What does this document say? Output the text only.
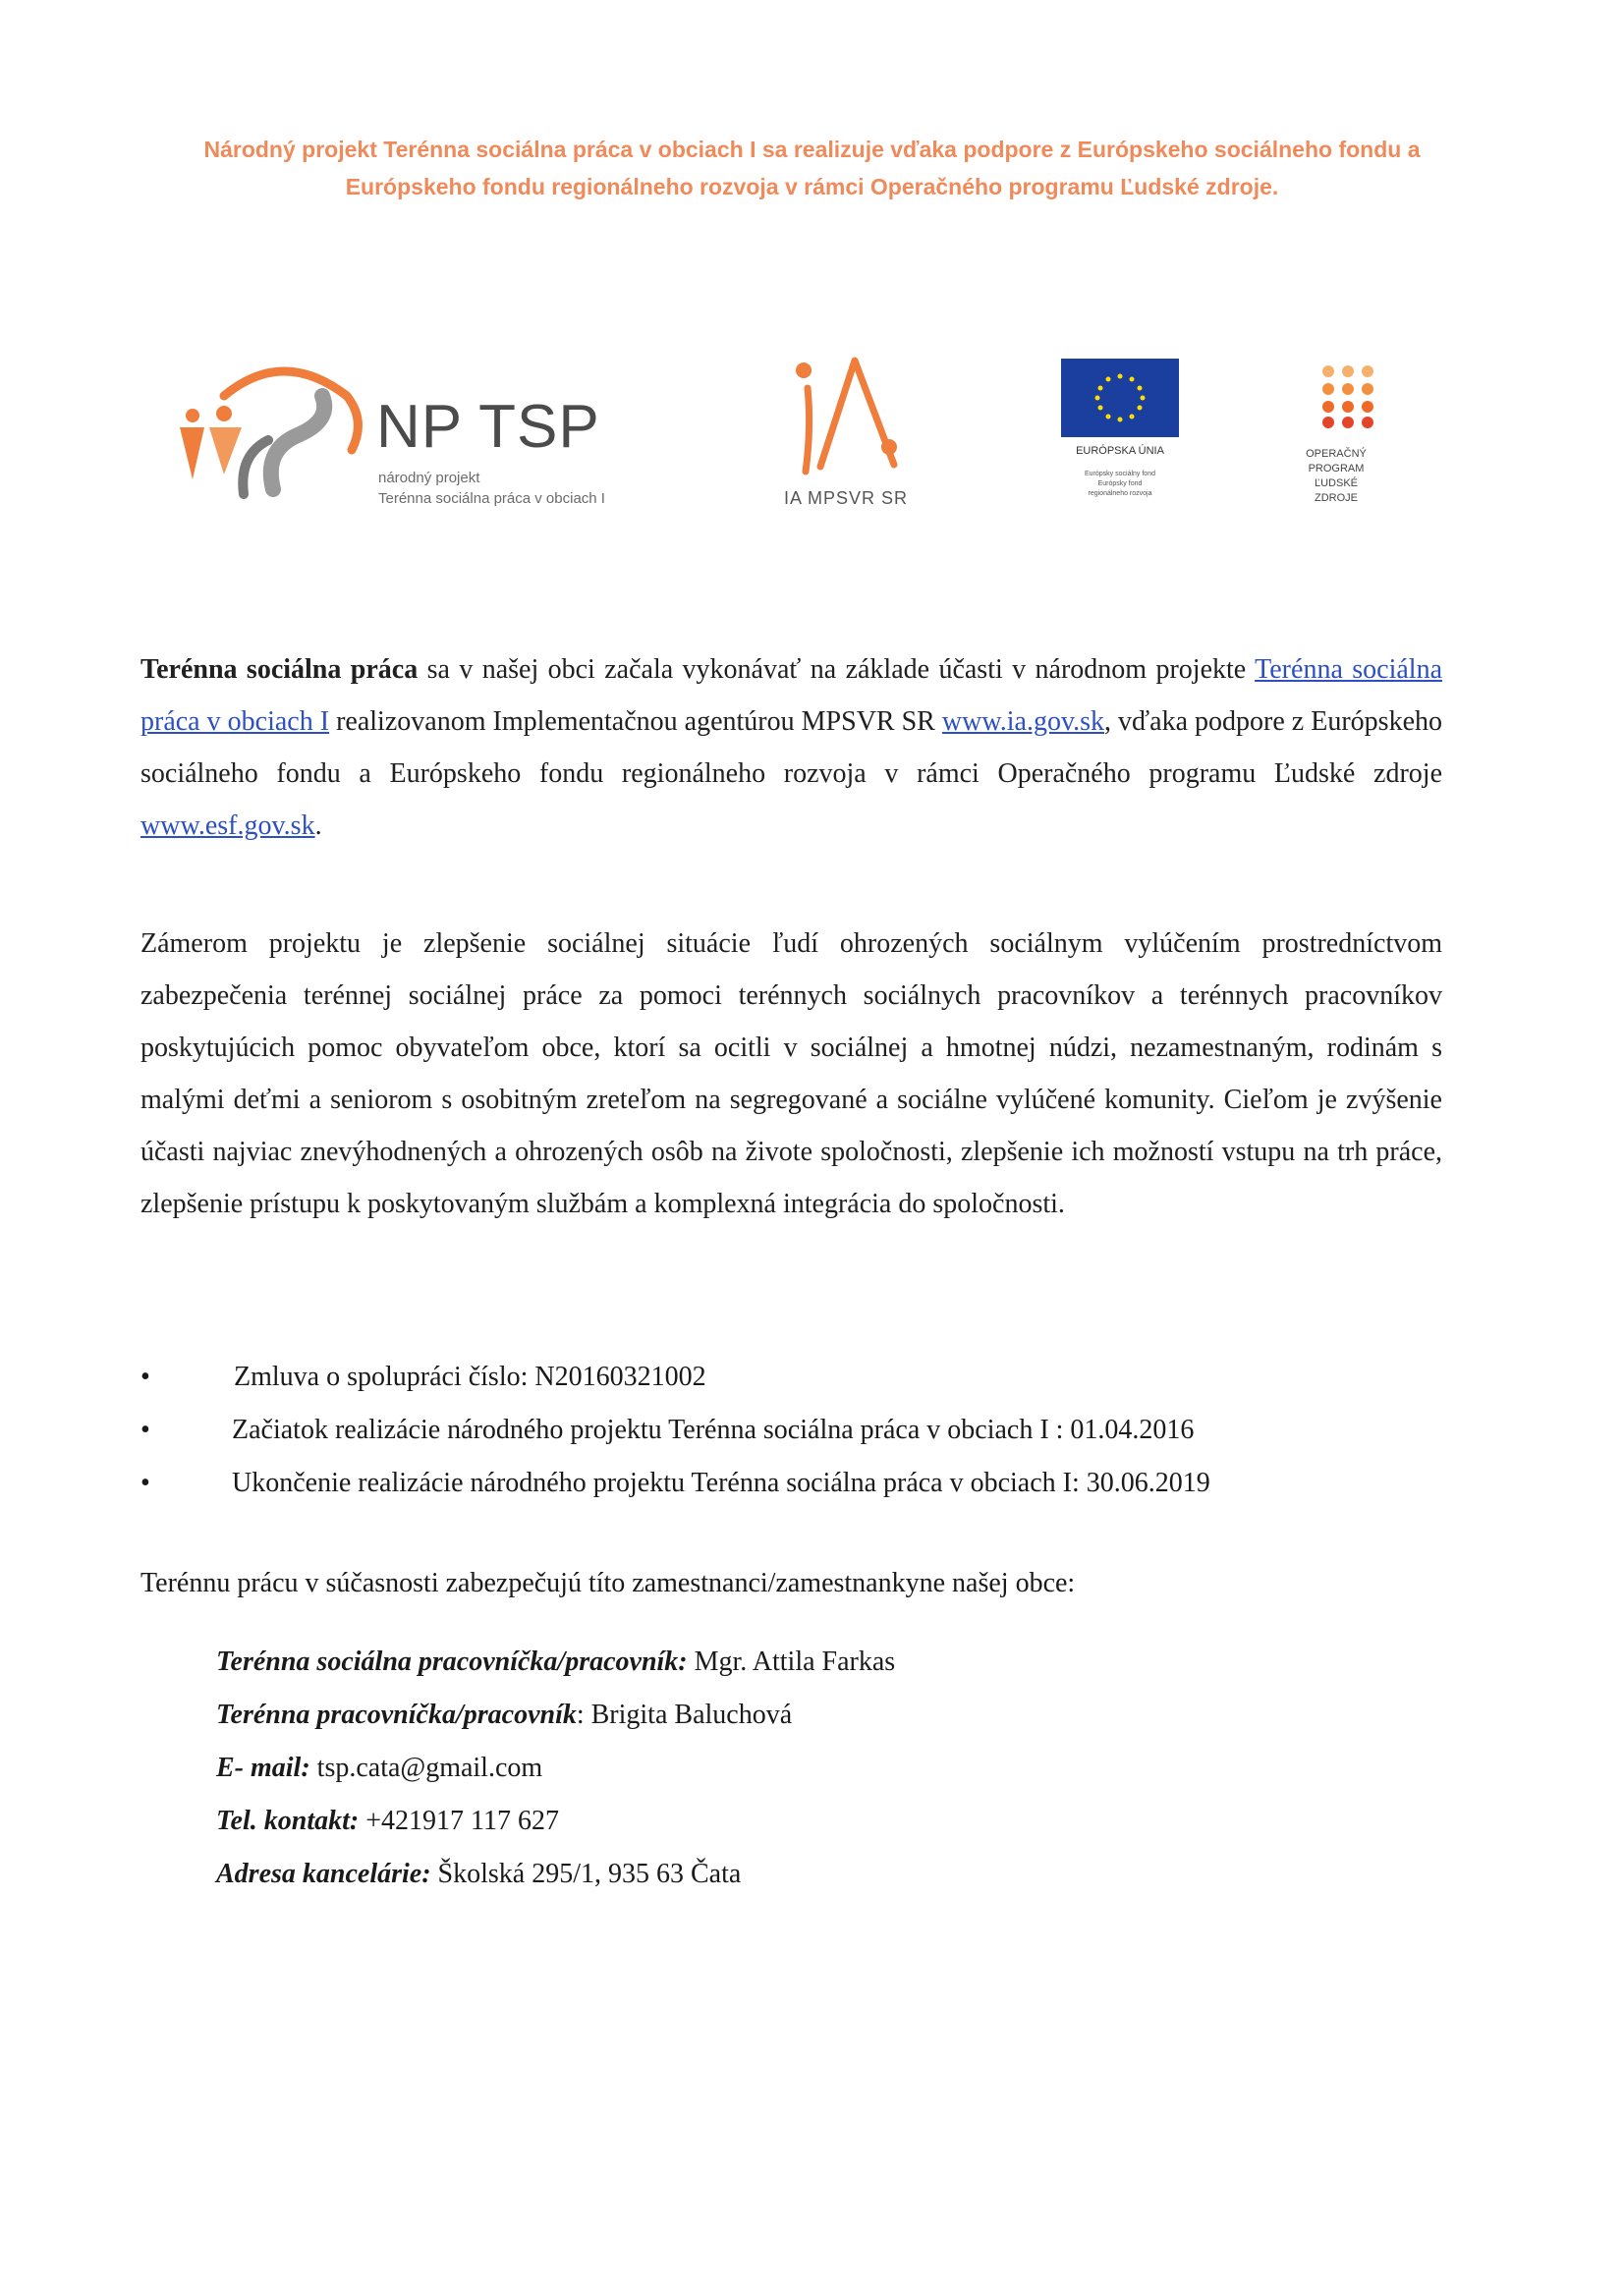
Národný projekt Terénna sociálna práca v obciach I sa realizuje vďaka podpore z Európskeho sociálneho fondu a Európskeho fondu regionálneho rozvoja v rámci Operačného programu Ľudské zdroje.
NP TSP
národný projekt
Terénna sociálna práca v obciach I	IA MPSVR SR
EURÓPSKA ÚNIA
Európsky sociálny fond
Európsky fond
regionálneho rozvoja
OPERAČNÝ
PROGRAM
ĽUDSKÉ
ZDROJE
Terénna sociálna práca sa v našej obci začala vykonávať na základe účasti v národnom projekte Terénna sociálna práca v obciach I realizovanom Implementačnou agentúrou MPSVR SR www.ia.gov.sk, vďaka podpore z Európskeho sociálneho fondu a Európskeho fondu regionálneho rozvoja v rámci Operačného programu Ľudské zdroje www.esf.gov.sk.
Zámerom projektu je zlepšenie sociálnej situácie ľudí ohrozených sociálnym vylúčením prostredníctvom zabezpečenia terénnej sociálnej práce za pomoci terénnych sociálnych pracovníkov a terénnych pracovníkov poskytujúcich pomoc obyvateľom obce, ktorí sa ocitli v sociálnej a hmotnej núdzi, nezamestnaným, rodinám s malými deťmi a seniorom s osobitným zreteľom na segregované a sociálne vylúčené komunity. Cieľom je zvýšenie účasti najviac znevýhodnených a ohrozených osôb na živote spoločnosti, zlepšenie ich možností vstupu na trh práce, zlepšenie prístupu k poskytovaným službám a komplexná integrácia do spoločnosti.
•	Zmluva o spolupráci číslo: N20160321002
•	Začiatok realizácie národného projektu Terénna sociálna práca v obciach I : 01.04.2016
•	Ukončenie realizácie národného projektu Terénna sociálna práca v obciach I: 30.06.2019
Terénnu prácu v súčasnosti zabezpečujú títo zamestnanci/zamestnankyne našej obce:
Terénna sociálna pracovníčka/pracovník: Mgr. Attila Farkas
Terénna pracovníčka/pracovník: Brigita Baluchová
E- mail: tsp.cata@gmail.com
Tel. kontakt: +421917 117 627
Adresa kancelárie: Školská 295/1, 935 63 Čata
